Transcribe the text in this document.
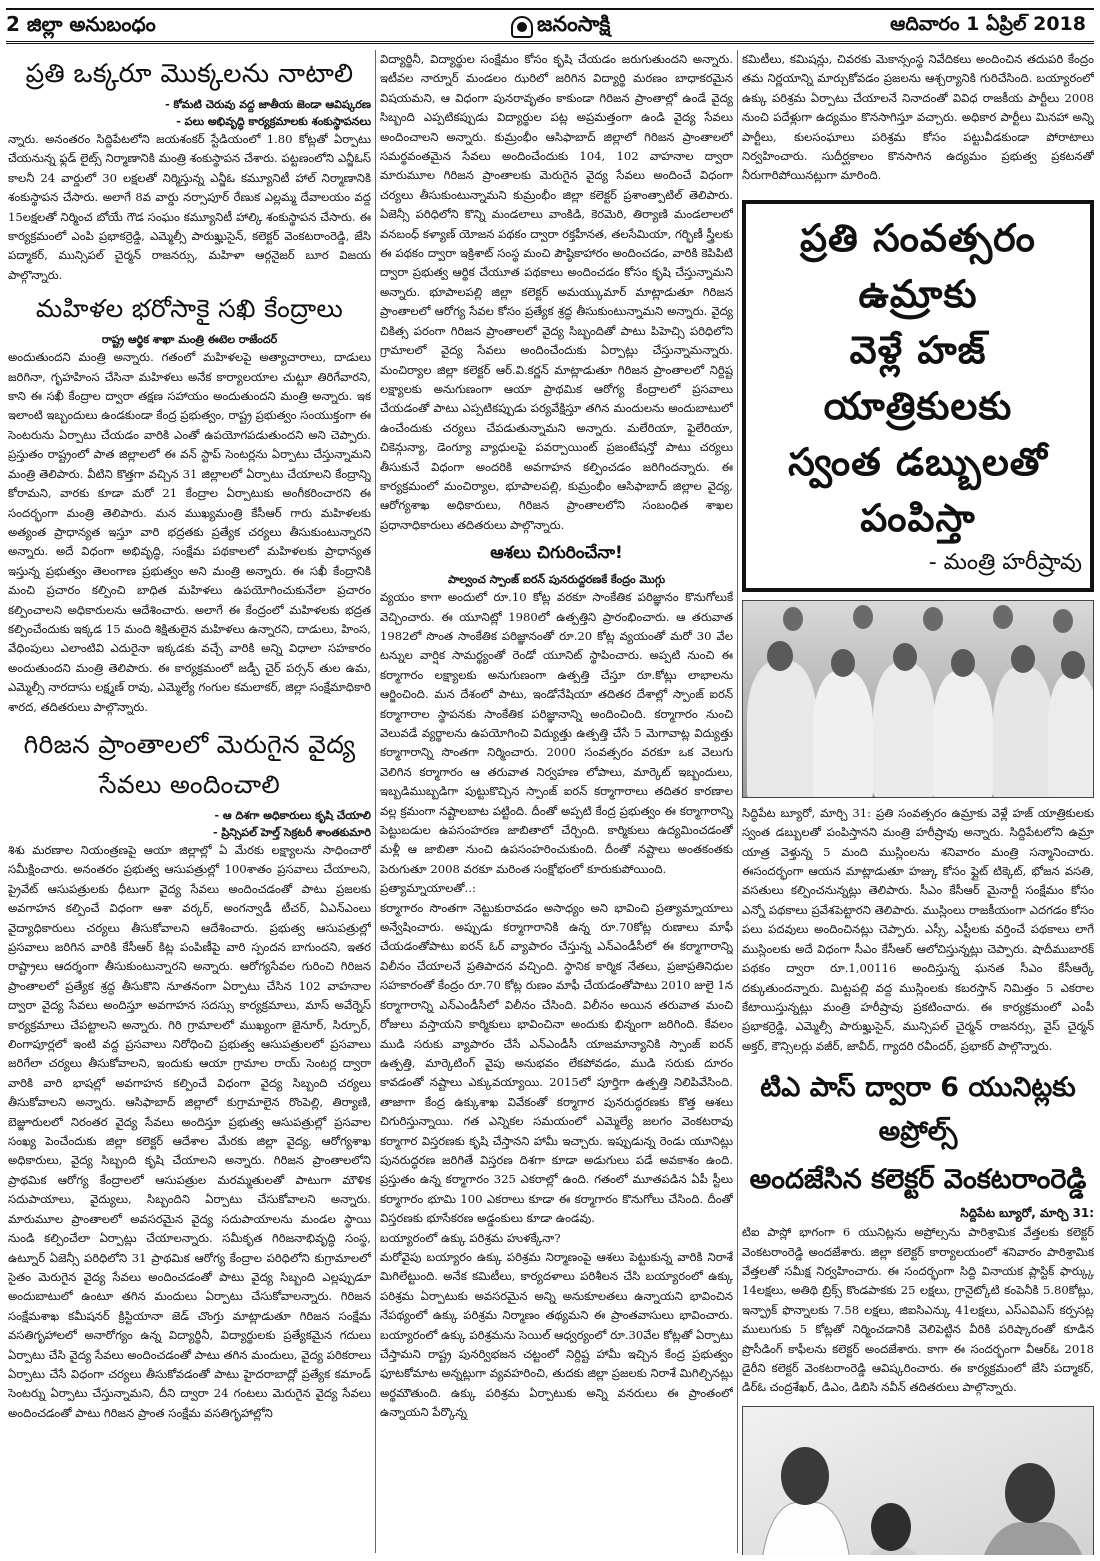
2 జిల్లా అనుబంధం	జనంసాక్షి	ఆదివారం 1 ఏప్రిల్ 2018
ప్రతి ఒక్కరూ మొక్కలను నాటాలి
- కోమటి చెరువు వద్ద జాతీయ జెండా ఆవిష్కరణ
- పలు అభివృద్ధి కార్యక్రమాలకు శంకుస్థాపనలు

న్నారు. అనంతరం సిద్దిపేటలోని జయశంకర్ స్టేడియంలో 1.80 కోట్లతో ఏర్పాటు చేయనున్న ఫ్లడ్ లైట్స్ నిర్మాణానికి మంత్రి శంకుస్థాపన చేశారు. పట్టణంలోని ఎన్జీఓస్ కాలనీ 24 వార్డులో 30 లక్షలతో నిర్మిస్తున్న ఎన్జీఓ కమ్యూనిటీ హాల్ నిర్మాణానికి శంకుస్థాపన చేసారు. అలాగే 8వ వార్డు నర్సాపూర్ రేణుక ఎల్లమ్మ దేవాలయం వద్ద 15లక్షలతో నిర్మించ బోయే గౌడ సంఘం కమ్యూనిటీ హాల్కి శంకుస్థాపన చేసారు. ఈ కార్యక్రమంలో ఎంపి ప్రభాకర్రెడ్డి, ఎమ్మెల్సీ పారుఖ్హుసైన్, కలెక్టర్ వెంకటరాంరెడ్డి, జేసి పద్మాకర్, మున్సిపల్ చైర్మన్ రాజనర్సు, మహిళా ఆర్గనైజర్ బూర విజయ పాల్గొన్నారు.

మహిళల భరోసాకై సఖి కేంద్రాలు
రాష్ట్ర ఆర్థిక శాఖా మంత్రి ఈటెల రాజేందర్

అందుతుందని మంత్రి అన్నారు. గతంలో మహిళలపై అత్యాచారాలు, దాడులు జరిగినా, గృహహింస చేసినా మహిళలు అనేక కార్యాలయాల చుట్టూ తిరిగేవారని, కాని ఈ సఖీ కేంద్రాల ద్వారా తక్షణ సహాయం అందుతుందని మంత్రి అన్నారు. ఇక ఇలాంటి ఇబ్బందులు ఉండకుండా కేంద్ర ప్రభుత్వం, రాష్ట్ర ప్రభుత్వం సంయుక్తంగా ఈ సెంటరును ఏర్పాటు చేయడం వారికి ఎంతో ఉపయోగపడుతుందని అని చెప్పారు. ప్రస్తుతం రాష్ట్రంలో పాత జిల్లాలలో ఈ వన్ స్టాప్ సెంటర్లను ఏర్పాటు చేస్తున్నామని మంత్రి తెలిపారు. వీటిని కొత్తగా వచ్చిన 31 జిల్లాలలో ఏర్పాటు చేయాలని కేంద్రాన్ని కోరామని, వారకు కూడా మరో 21 కేంద్రాల ఏర్పాటుకు అంగీకరించారని ఈ సందర్భంగా మంత్రి తెలిపారు. మన ముఖ్యమంత్రి కేసీఆర్ గారు మహిళలకు అత్యంత ప్రాధాన్యత ఇస్తూ వారి భద్రతకు ప్రత్యేక చర్యలు తీసుకుంటున్నారని అన్నారు. అదే విధంగా అభివృద్ధి, సంక్షేమ పథకాలలో మహిళలకు ప్రాధాన్యత ఇస్తున్న ప్రభుత్వం తెలంగాణ ప్రభుత్వం అని మంత్రి అన్నారు. ఈ సఖీ కేంద్రానికి మంచి ప్రచారం కల్పించి బాధిత మహిళలు ఉపయోగించుకునేలా ప్రచారం కల్పించాలని అధికారులను ఆదేశించారు. అలాగే ఈ కేంద్రంలో మహిళలకు భద్రత కల్పించేందుకు ఇక్కడ 15 మంది శిక్షితులైన మహిళలు ఉన్నారని, దాడులు, హింస, వేధింపులు ఎలాంటివి ఎదురైనా ఇక్కడకు వచ్చే వారికి అన్ని విధాలా సహకారం అందుతుందని మంత్రి తెలిపారు. ఈ కార్యక్రమంలో జడ్పీ చైర్ పర్సన్ తుల ఉమ, ఎమ్మెల్సీ నారదాసు లక్ష్మణ్ రావు, ఎమ్మెల్యే గంగుల కమలాకర్, జిల్లా సంక్షేమాధికారి శారద, తదితరులు పాల్గొన్నారు.

గిరిజన ప్రాంతాలలో మెరుగైన వైద్య
సేవలు అందించాలి
- ఆ దిశగా అధికారులు కృషి చేయాలి
- ప్రిన్సిపల్ హెల్త్ సెక్రటరీ శాంతకుమారి

శిశు మరణాల నియంత్రణపై ఆయా జిల్లాల్లో ఏ మేరకు లక్ష్యాలను సాధించారో సమీక్షించారు. అనంతరం ప్రభుత్వ ఆసుపత్రుల్లో 100శాతం ప్రసవాలు చేయాలని, ప్రైవేట్ ఆసుపత్రులకు ధీటుగా వైద్య సేవలు అందించడంతో పాటు ప్రజలకు అవగాహన కల్పించే విధంగా ఆశా వర్కర్, అంగన్వాడీ టీచర్, ఏఎన్ఎంలు వైద్యాధికారులు చర్యలు తీసుకోవాలని ఆదేశించారు. ప్రభుత్వ ఆసుపత్రుల్లో ప్రసవాలు జరిగిన వారికి కేసీఆర్ కిట్ల పంపిణీపై వారి స్పందన బాగుందని, ఇతర రాష్ట్రాలు ఆదర్శంగా తీసుకుంటున్నారని అన్నారు. ఆరోగ్యసేవల గురించి గిరిజన ప్రాంతాలలో ప్రత్యేక శ్రద్ధ తీసుకొని నూతనంగా ఏర్పాటు చేసిన 102 వాహనాల ద్వారా వైద్య సేవలు అందిస్తూ అవగాహన సదస్సు కార్యక్రమాలు, మాస్ అవేర్నెస్ కార్యక్రమాలు చేపట్టాలని అన్నారు. గిరి గ్రామాలలో ముఖ్యంగా జైనూర్, సిర్పూర్, లింగాపూర్లలో ఇంటి వద్ద ప్రసవాలు నిరోధించి ప్రభుత్వ ఆసుపత్రులలో ప్రసవాలు జరిగేలా చర్యలు తీసుకోవాలని, ఇందుకు ఆయా గ్రామాల రాయ్ సెంటర్ల ద్వారా వారికి వారి భాషల్లో అవగాహన కల్పించే విధంగా వైద్య సిబ్బంది చర్యలు తీసుకోవాలని అన్నారు. ఆసిఫాబాద్ జిల్లాలో కుగ్రామాలైన రొంపెల్లి, తిర్యాణి, బెజ్జూరులలో నిరంతర వైద్య సేవలు అందిస్తూ ప్రభుత్వ ఆసుపత్రుల్లో ప్రసవాల సంఖ్య పెంచేందుకు జిల్లా కలెక్టర్ ఆదేశాల మేరకు జిల్లా వైద్య, ఆరోగ్యశాఖ అధికారులు, వైద్య సిబ్బంది కృషి చేయాలని అన్నారు. గిరిజన ప్రాంతాలలోని ప్రాథమిక ఆరోగ్య కేంద్రాలలో ఆసుపత్రుల మరమ్మతులతో పాటుగా మౌళిక సదుపాయాలు, వైద్యులు, సిబ్బందిని ఏర్పాటు చేసుకోవాలని అన్నారు. మారుమూల ప్రాంతాలలో అవసరమైన వైద్య సదుపాయాలను మండల స్థాయి నుండి కల్పించేలా ఏర్పాట్లు చేయాలన్నారు. సమీకృత గిరిజనాభివృద్ధి సంస్థ, ఉట్నూర్ ఏజెన్సీ పరిధిలోని 31 ప్రాథమిక ఆరోగ్య కేంద్రాల పరిధిలోని కుగ్రామాలలో సైతం మెరుగైన వైద్య సేవలు అందించడంతో పాటు వైద్య సిబ్బంది ఎల్లప్పుడూ అందుబాటులో ఉంటూ తగిన మందులు ఏర్పాటు చేసుకోవాలన్నారు. గిరిజన సంక్షేమశాఖ కమీషనర్ క్రిస్టియానా జెడ్ చొంగ్తు మాట్లాడుతూ గిరిజన సంక్షేమ వసతిగృహాలలో అనారోగ్యం ఉన్న విద్యార్థినీ, విద్యార్థులకు ప్రత్యేకమైన గదులు ఏర్పాటు చేసి వైద్య సేవలు అందించడంతో పాటు తగిన మందులు, వైద్య పరికరాలు ఏర్పాటు చేసే విధంగా చర్యలు తీసుకోవడంతో పాటు హైదరాబాద్లో ప్రత్యేక కమాండ్ సెంటర్ను ఏర్పాటు చేస్తున్నామని, దీని ద్వారా 24 గంటలు మెరుగైన వైద్య సేవలు అందించడంతో పాటు గిరిజన ప్రాంత సంక్షేమ వసతిగృహాల్లోని

విద్యార్థినీ, విద్యార్థుల సంక్షేమం కోసం కృషి చేయడం జరుగుతుందని అన్నారు. ఇటీవల నార్నూర్ మండలం ఝరిలో జరిగిన విద్యార్థి మరణం బాధాకరమైన విషయమని, ఆ విధంగా పునరావృతం కాకుండా గిరిజన ప్రాంతాల్లో ఉండే వైద్య సిబ్బంది ఎప్పటికప్పుడు విద్యార్థుల పట్ల అప్రమత్తంగా ఉండి వైద్య సేవలు అందించాలని అన్నారు. కుమ్రంభీం ఆసిఫాబాద్ జిల్లాలో గిరిజన ప్రాంతాలలో సమర్థవంతమైన సేవలు అందించేందుకు 104, 102 వాహనాల ద్వారా మారుమూల గిరిజన ప్రాంతాలకు మెరుగైన వైద్య సేవలు అందించే విధంగా చర్యలు తీసుకుంటున్నామని కుమ్రంభీం జిల్లా కలెక్టర్ ప్రశాంత్పాటిల్ తెలిపారు. ఏజెన్సీ పరిధిలోని కొన్ని మండలాలు వాంకిడి, కెరమెరి, తిర్యాణి మండలాలలో వనబంధ్ కళ్యాణ్ యోజన పథకం ద్వారా రక్తహీనత, తలసేమియా, గర్భిణీ స్త్రీలకు ఈ పథకం ద్వారా ఇక్రిశాట్ సంస్థ మంచి పౌష్ఠికాహారం అందించడం, వారికి కెపిపిటి ద్వారా ప్రభుత్వ ఆర్థిక చేయూత పథకాలు అందించడం కోసం కృషి చేస్తున్నామని అన్నారు. భూపాలపల్లి జిల్లా కలెక్టర్ అమయ్కుమార్ మాట్లాడుతూ గిరిజన ప్రాంతాలలో ఆరోగ్య సేవల కోసం ప్రత్యేక శ్రద్ధ తీసుకుంటున్నామని అన్నారు. వైద్య చికిత్స పరంగా గిరిజన ప్రాంతాలలో వైద్య సిబ్బందితో పాటు పిహెచ్సి పరిధిలోని గ్రామాలలో వైద్య సేవలు అందించేందుకు ఏర్పాట్లు చేస్తున్నామన్నారు. మంచిర్యాల జిల్లా కలెక్టర్ ఆర్.వి.కర్ణన్ మాట్లాడుతూ గిరిజన ప్రాంతాలలో నిర్దిష్ట లక్ష్యాలకు అనుగుణంగా ఆయా ప్రాథమిక ఆరోగ్య కేంద్రాలలో ప్రసవాలు చేయడంతో పాటు ఎప్పటికప్పుడు పర్యవేక్షిస్తూ తగిన మందులను అందుబాటులో ఉంచేందుకు చర్యలు చేపడుతున్నామని అన్నారు. మలేరియా, ఫైలేరియా, చికెన్గున్యా, డెంగ్యూ వ్యాధులపై పవర్పాయింట్ ప్రజంటేషన్తో పాటు చర్యలు తీసుకునే విధంగా అందరికి అవగాహన కల్పించడం జరిగిందన్నారు. ఈ కార్యక్రమంలో మంచిర్యాల, భూపాలపల్లి, కుమ్రంభీం ఆసిఫాబాద్ జిల్లాల వైద్య, ఆరోగ్యశాఖ అధికారులు, గిరిజన ప్రాంతాలలోని సంబంధిత శాఖల ప్రధానాధికారులు తదితరులు పాల్గొన్నారు.

ఆశలు చిగురించేనా!
పాల్వంచ స్పాంజ్ ఐరన్ పునరుద్దరణకే కేంద్రం మొగ్గు

వ్యయం కాగా అందులో రూ.10 కోట్ల వరకూ సాంకేతిక పరిజ్ఞానం కొనుగోలుకే వెచ్చించారు. ఈ యూనిట్లో 1980లో ఉత్పత్తిని ప్రారంభించారు. ఆ తరువాత 1982లో సొంత సాంకేతిక పరిజ్ఞానంతో రూ.20 కోట్ల వ్యయంతో మరో 30 వేల టన్నుల వార్షిక సామర్థ్యంతో రెండో యూనిట్ స్థాపించారు. అప్పటి నుంచి ఈ కర్మాగారం లక్ష్యాలకు అనుగుణంగా ఉత్పత్తి చేస్తూ రూ.కోట్లు లాభాలను ఆర్జించింది. మన దేశంలో పాటు, ఇండోనేషియా తదితర దేశాల్లో స్పాంజ్ ఐరన్ కర్మాగారాల స్థాపనకు సాంకేతిక పరిజ్ఞానాన్ని అందించింది. కర్మాగారం నుంచి వెలువడే వ్యర్థాలను ఉపయోగించి విద్యుత్తు ఉత్పత్తి చేసే 5 మెగావాట్ల విద్యుత్తు కర్మాగారాన్ని సొంతగా నిర్మించారు. 2000 సంవత్సరం వరకూ ఒక వెలుగు వెలిగిన కర్మాగారం ఆ తరువాత నిర్వహణ లోపాలు, మార్కెట్ ఇబ్బందులు, ఇబ్బడిముబ్బడిగా పుట్టుకొచ్చిన స్పాంజ్ ఐరన్ కర్మాగారాలు తదితర కారణాల వల్ల క్రమంగా నష్టాలబాట పట్టింది. దీంతో అప్పటి కేంద్ర ప్రభుత్వం ఈ కర్మాగారాన్ని పెట్టుబడుల ఉపసంహరణ జాబితాలో చేర్చింది. కార్మికులు ఉద్యమించడంతో మళ్లీ ఆ జాబితా నుంచి ఉపసంహరించుకుంది. దీంతో నష్టాలు అంతకంతకు పెరుగుతూ 2008 వరకూ మరింత సంక్షోభంలో కూరుకుపోయింది.

ప్రత్యామ్నాయాలతో..:

కర్మాగారం సొంతగా నెట్టుకురావడం అసాధ్యం అని భావించి ప్రత్యామ్నాయాలు అన్వేషించారు. అప్పుడు కర్మాగారానికి ఉన్న రూ.70కోట్ల రుణాలు మాఫీ చేయడంతోపాటు ఐరన్ ఓర్ వ్యాపారం చేస్తున్న ఎన్ఎండీసీలో ఈ కర్మాగారాన్ని విలీనం చేయాలనే ప్రతిపాదన వచ్చింది. స్థానిక కార్మిక నేతలు, ప్రజాప్రతినిధుల సహకారంతో కేంద్రం రూ.70 కోట్ల రుణం మాఫీ చేయడంతోపాటు 2010 జులై 1న కర్మాగారాన్ని ఎన్ఎండీసీలో విలీనం చేసింది. విలీనం అయిన తరువాత మంచి రోజులు వస్తాయని కార్మికులు భావించినా అందుకు భిన్నంగా జరిగింది. కేవలం ముడి సరుకు వ్యాపారం చేసే ఎన్ఎండీసీ యాజమాన్యానికి స్పాంజ్ ఐరన్ ఉత్పత్తి, మార్కెటింగ్ వైపు అనుభవం లేకపోవడం, ముడి సరుకు దూరం కావడంతో నష్టాలు ఎక్కువయ్యాయి. 2015లో పూర్తిగా ఉత్పత్తి నిలిపివేసింది. తాజాగా కేంద్ర ఉక్కుశాఖ వివేకంతో కర్మాగార పునరుద్ధరణకు కొత్త ఆశలు చిగురిస్తున్నాయి. గత ఎన్నికల సమయంలో ఎమ్మెల్యే జలగం వెంకటరావు కర్మాగార విస్తరణకు కృషి చేస్తానని హామీ ఇచ్చారు. ఇప్పుడున్న రెండు యూనిట్లు పునరుద్ధరణ జరిగితే విస్తరణ దిశగా కూడా అడుగులు పడే అవకాశం ఉంది. ప్రస్తుతం ఉన్న కర్మాగారం 325 ఎకరాల్లో ఉంది. గతంలో మూతపడిన ఏపీ స్టీలు కర్మాగారం భూమి 100 ఎకరాలు కూడా ఈ కర్మాగారం కొనుగోలు చేసింది. దీంతో విస్తరణకు భూసేకరణ అడ్డంకులు కూడా ఉండవు.

బయ్యారంలో ఉక్కు పరిశ్రమ హుళక్కేనా?

మరోవైపు బయ్యారం ఉక్కు పరిశ్రమ నిర్మాణంపై ఆశలు పెట్టుకున్న వారికి నిరాశే మిగిలేట్టుంది. అనేక కమిటీలు, కార్యదళాలు పరిశీలన చేసి బయ్యారంలో ఉక్కు పరిశ్రమ ఏర్పాటుకు అవసరమైన అన్ని అనుకూలతలు ఉన్నాయని భావించిన నేపథ్యంలో ఉక్కు పరిశ్రమ నిర్మాణం తథ్యమని ఈ ప్రాంతవాసులు భావించారు. బయ్యారంలో ఉక్కు పరిశ్రమను సెయిల్ ఆధ్వర్యంలో రూ.30వేల కోట్లతో ఏర్పాటు చేస్తామని రాష్ట్ర పునర్విభజన చట్టంలో నిర్దిష్ట హామీ ఇచ్చిన కేంద్ర ప్రభుత్వం ఫూటకోమాట అన్నట్లుగా వ్యవహరించి, తుదకు జిల్లా ప్రజలకు నిరాశే మిగిల్చినట్లు అర్థమౌతుంది. ఉక్కు పరిశ్రమ ఏర్పాటుకు అన్ని వనరులు ఈ ప్రాంతంలో ఉన్నాయని పేర్కొన్న

కమిటీలు, కమిషన్లు, చివరకు మెకాన్సంస్థ నివేదికలు అందించిన తదుపరి కేంద్రం తమ నిర్ణయాన్ని మార్చుకోవడం ప్రజలను ఆశ్చర్యానికి గురిచేసింది. బయ్యారంలో ఉక్కు పరిశ్రమ ఏర్పాటు చేయాలనే నినాదంతో వివిధ రాజకీయ పార్టీలు 2008 నుంచి పదేళ్లుగా ఉద్యమం కొనసాగిస్తూ వచ్చారు. అధికార పార్టీలు మినహా అన్ని పార్టీలు, కులసంఘాలు పరిశ్రమ కోసం పట్టువీడకుండా పోరాటాలు నిర్వహించారు. సుదీర్ఘకాలం కొనసాగిన ఉద్యమం ప్రభుత్వ ప్రకటనతో నీరుగారిపోయినట్లుగా మారింది.

ప్రతి సంవత్సరం ఉమ్రాకు
వెళ్లే హజ్ యాత్రికులకు
స్వంత డబ్బులతో పంపిస్తా
- మంత్రి హరీష్రావు

సిద్ధిపేట బ్యూరో, మార్చి 31: ప్రతి సంవత్సరం ఉమ్రాకు వెళ్లే హజ్ యాత్రికులకు స్వంత డబ్బులతో పంపిస్తానని మంత్రి హరీష్రావు అన్నారు. సిద్దిపేటలోని ఉమ్రా యాత్ర వెళ్తున్న 5 మంది ముస్లింలను శనివారం మంత్రి సన్మానించారు. ఈసందర్భంగా ఆయన మాట్లాడుతూ హజ్కు కోసం ఫ్లైట్ టిక్కెట్, భోజన వసతి, వసతులు కల్పించనున్నట్లు తెలిపారు. సీఎం కేసీఆర్ మైనార్టీ సంక్షేమం కోసం ఎన్నో పథకాలు ప్రవేశపెట్టారని తెలిపారు. ముస్లింలు రాజకీయంగా ఎదగడం కోసం పలు పదవులు అందించినట్లు చెప్పారు. ఎస్సీ, ఎస్టీలకు వర్తించే పథకాలు లాగే ముస్లింలకు అదే విధంగా సీఎం కేసీఆర్ ఆలోచిస్తున్నట్లు చెప్పారు. షాదీముబారక్ పథకం ద్వారా రూ.1,00116 అందిస్తున్న ఘనత సీఎం కేసీఆర్కే దక్కుతుందన్నారు. మిట్టపల్లి వద్ద ముస్లింలకు కబరస్తాన్ నిమిత్తం 5 ఎకరాల కేటాయిస్తున్నట్లు మంత్రి హరీష్రావు ప్రకటించారు. ఈ కార్యక్రమంలో ఎంపీ ప్రభాకర్రెడ్డి, ఎమ్మెల్సీ పారుఖ్హుసైన్, మున్సిపల్ చైర్మన్ రాజనర్సు, వైస్ చైర్మన్ అక్తర్, కౌన్సిలర్లు వజీర్, జావీద్, గ్యాదరి రవీందర్, ప్రభాకర్ పాల్గొన్నారు.

టిఎ పాస్ ద్వారా 6 యునిట్లకు అప్రోల్స్
అందజేసిన కలెక్టర్ వెంకటరాంరెడ్డి
సిద్దిపేట బ్యూరో, మార్చి 31:

టిఐ పాస్లో భాగంగా 6 యునిట్లను అప్రోల్సను పారిశ్రామిక వేత్తలకు కలెక్టర్ వెంకటరాంరెడ్డి అందజేశారు. జిల్లా కలెక్టర్ కార్యాలయంలో శనివారం పారిశ్రామిక వేత్తలతో సమీక్ష నిర్వహించారు. ఈ సందర్భంగా సిద్ది వినాయక ప్లాస్టిక్ ఫార్క్కు 14లక్షలు, అతిథి బ్రిక్స్ కొండపాకకు 25 లక్షలు, గ్రానైట్కోటి కంపెనీకి 5.80కోట్లు, ఇన్ఫ్రాక్ ఫొన్నాలకు 7.58 లక్షలు, జిఐసిఎన్కు 41లక్షలు, ఎస్ఎవిఎస్ కర్పసట్ల ములుగుకు 5 కోట్లతో నిర్మించడానికి వెలిపెట్టిన వీరికి పరిష్కారంతో కూడిన ప్రొసీడింగ్ కాఫీలను కలెక్టర్ అందజేశారు. కాగా ఈ సందర్భంగా వీఆర్ఓ 2018 డైరీని కలెక్టర్ వెంకటరాంరెడ్డి ఆవిష్కరించారు. ఈ కార్యక్రమంలో జేసి పద్మాకర్, డిర్ఓ చంద్రశేఖర్, డిఎం, డిబిసి నవీన్ తదితరులు పాల్గొన్నారు.
